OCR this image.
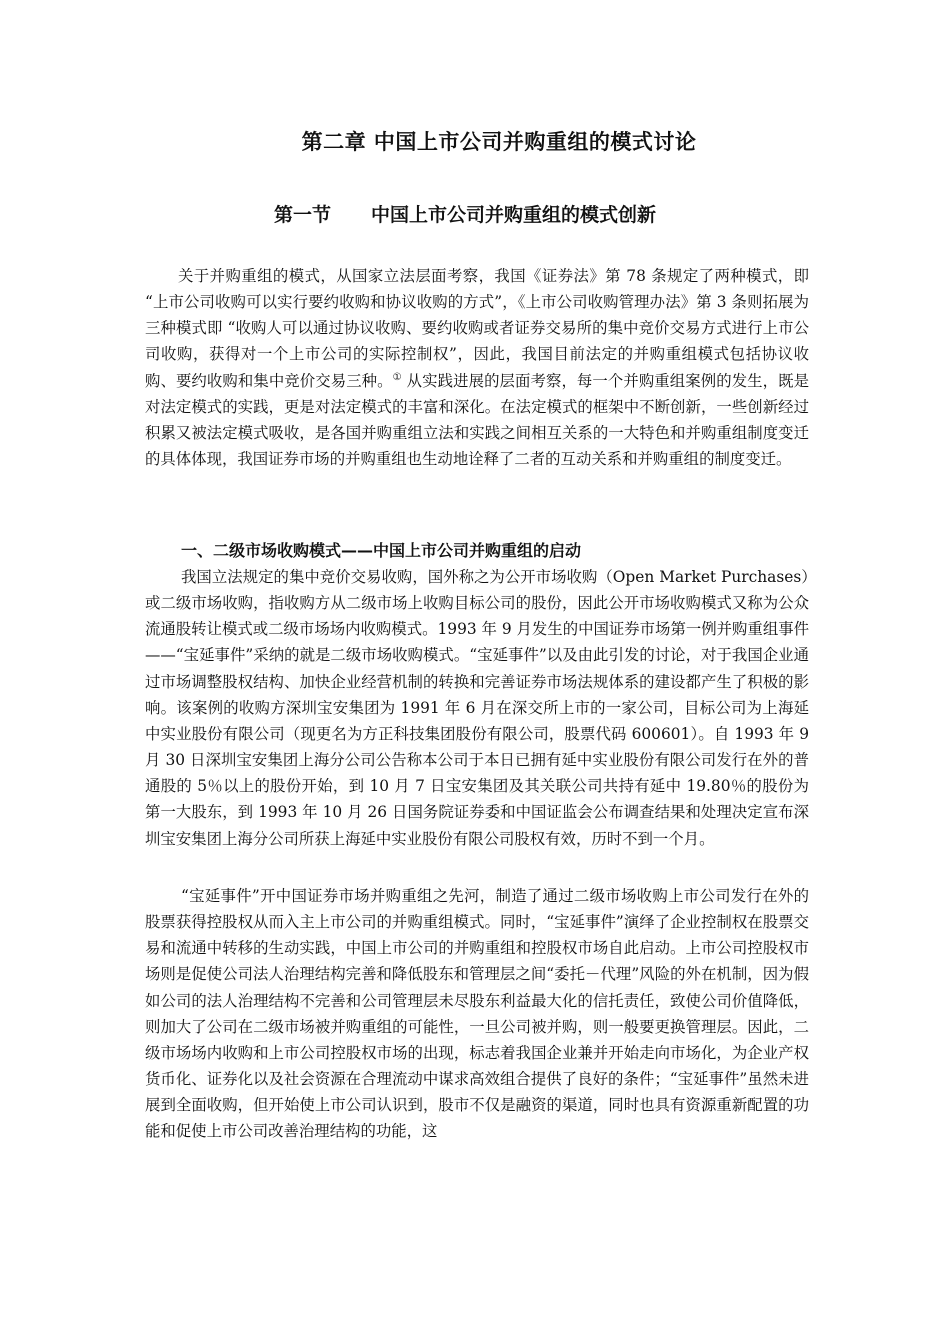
第二章 中国上市公司并购重组的模式讨论
第一节 中国上市公司并购重组的模式创新

关于并购重组的模式，从国家立法层面考察，我国《证券法》第 78 条规定了两种模式，即 “上市公司收购可以实行要约收购和协议收购的方式”，《上市公司收购管理办法》第 3 条则拓展为三种模式即 “收购人可以通过协议收购、要约收购或者证券交易所的集中竞价交易方式进行上市公司收购，获得对一个上市公司的实际控制权”，因此，我国目前法定的并购重组模式包括协议收购、要约收购和集中竞价交易三种。① 从实践进展的层面考察，每一个并购重组案例的发生，既是对法定模式的实践，更是对法定模式的丰富和深化。在法定模式的框架中不断创新，一些创新经过积累又被法定模式吸收，是各国并购重组立法和实践之间相互关系的一大特色和并购重组制度变迁的具体体现，我国证券市场的并购重组也生动地诠释了二者的互动关系和并购重组的制度变迁。

一、二级市场收购模式——中国上市公司并购重组的启动

我国立法规定的集中竞价交易收购，国外称之为公开市场收购（Open Market Purchases）或二级市场收购，指收购方从二级市场上收购目标公司的股份，因此公开市场收购模式又称为公众流通股转让模式或二级市场场内收购模式。1993 年 9 月发生的中国证券市场第一例并购重组事件——“宝延事件”采纳的就是二级市场收购模式。“宝延事件”以及由此引发的讨论，对于我国企业通过市场调整股权结构、加快企业经营机制的转换和完善证券市场法规体系的建设都产生了积极的影响。该案例的收购方深圳宝安集团为 1991 年 6 月在深交所上市的一家公司，目标公司为上海延中实业股份有限公司（现更名为方正科技集团股份有限公司，股票代码 600601）。自 1993 年 9 月 30 日深圳宝安集团上海分公司公告称本公司于本日已拥有延中实业股份有限公司发行在外的普通股的 5％以上的股份开始，到 10 月 7 日宝安集团及其关联公司共持有延中 19.80％的股份为第一大股东，到 1993 年 10 月 26 日国务院证券委和中国证监会公布调查结果和处理决定宣布深圳宝安集团上海分公司所获上海延中实业股份有限公司股权有效，历时不到一个月。

“宝延事件”开中国证券市场并购重组之先河，制造了通过二级市场收购上市公司发行在外的股票获得控股权从而入主上市公司的并购重组模式。同时，“宝延事件”演绎了企业控制权在股票交易和流通中转移的生动实践，中国上市公司的并购重组和控股权市场自此启动。上市公司控股权市场则是促使公司法人治理结构完善和降低股东和管理层之间“委托－代理”风险的外在机制，因为假如公司的法人治理结构不完善和公司管理层未尽股东利益最大化的信托责任，致使公司价值降低，则加大了公司在二级市场被并购重组的可能性，一旦公司被并购，则一般要更换管理层。因此，二级市场场内收购和上市公司控股权市场的出现，标志着我国企业兼并开始走向市场化，为企业产权货币化、证券化以及社会资源在合理流动中谋求高效组合提供了良好的条件；“宝延事件”虽然未进展到全面收购，但开始使上市公司认识到，股市不仅是融资的渠道，同时也具有资源重新配置的功能和促使上市公司改善治理结构的功能，这
